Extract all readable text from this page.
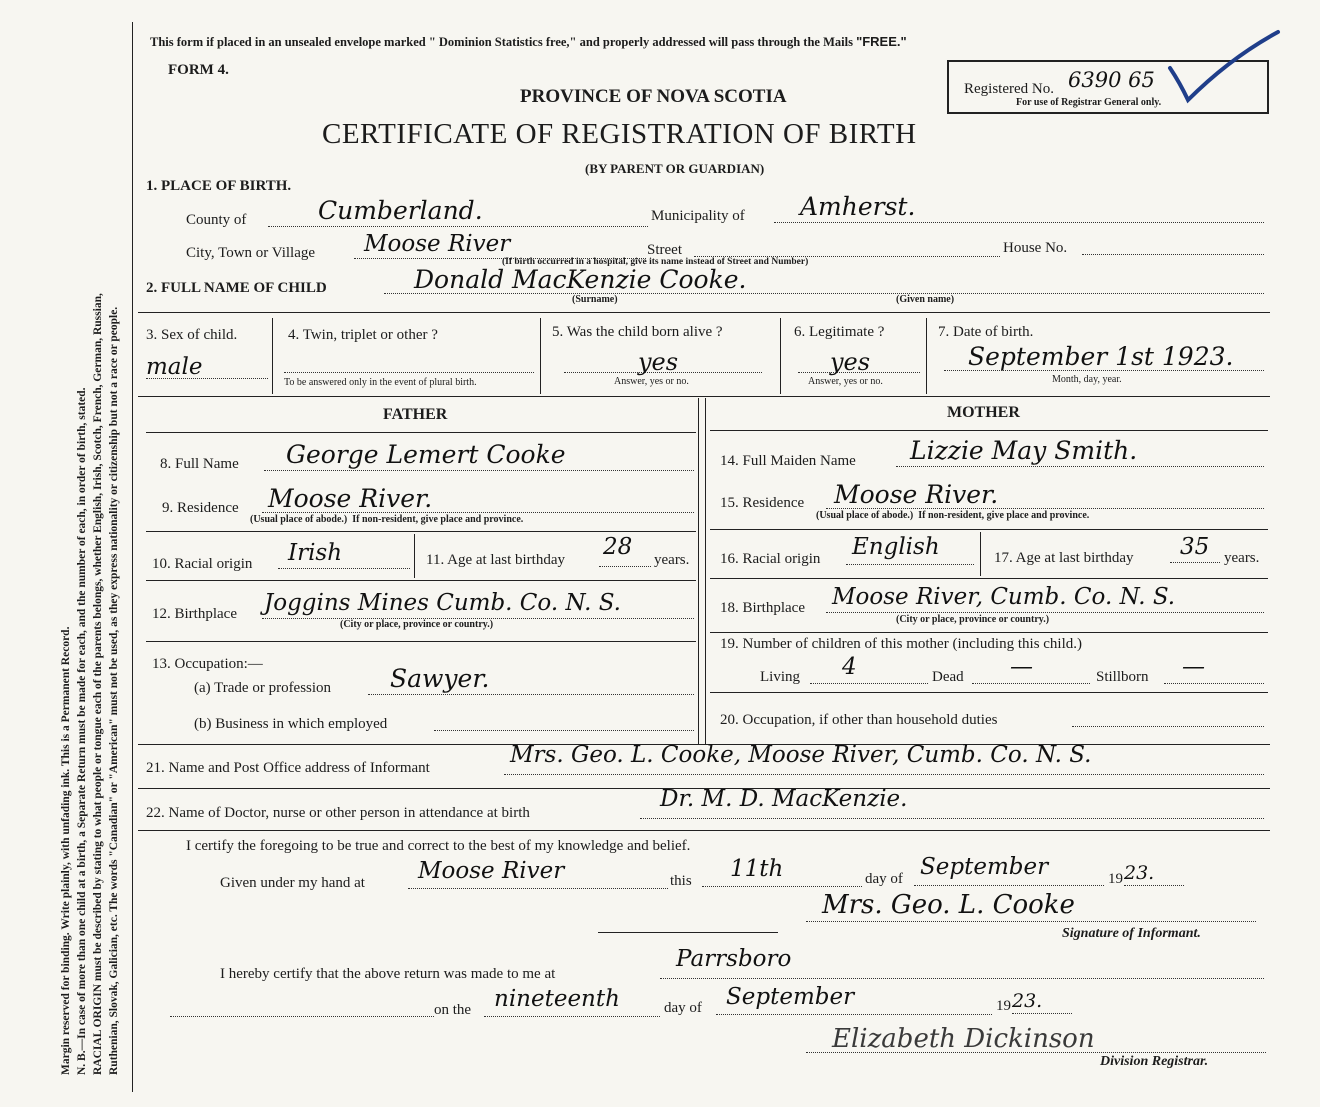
Margin reserved for binding. Write plainly, with unfading ink. This is a Permanent Record. N. B.—In case of more than one child at a birth, a Separate Return must be made for each, and the number of each, in order of birth, stated. RACIAL ORIGIN must be described by stating to what people or tongue each of the parents belongs, whether English, Irish, Scotch, French, German, Russian, Ruthenian, Slovak, Galician, etc. The words "Canadian" or "American" must not be used, as they express nationality or citizenship but not a race or people.
This form if placed in an unsealed envelope marked " Dominion Statistics free," and properly addressed will pass through the Mails "FREE."
FORM 4.
PROVINCE OF NOVA SCOTIA
CERTIFICATE OF REGISTRATION OF BIRTH
(BY PARENT OR GUARDIAN)
Registered No. 6390 65
For use of Registrar General only.
1. PLACE OF BIRTH.
County of	Cumberland.	Municipality of Amherst.
City, Town or Village Moose River	Street	House No.
(If birth occurred in a hospital, give its name instead of Street and Number)
2. FULL NAME OF CHILD	Donald MacKenzie Cooke.
(Surname)	(Given name)
3. Sex of child.
male
4. Twin, triplet or other ?
To be answered only in the event of plural birth.
5. Was the child born alive ?
yes
Answer, yes or no.
6. Legitimate ?
yes
Answer, yes or no.
7. Date of birth.
September 1st 1923.
Month, day, year.
FATHER
8. Full Name George Lemert Cooke
9. Residence Moose River.
(Usual place of abode.) If non-resident, give place and province.
10. Racial origin Irish	11. Age at last birthday 28 years.
12. Birthplace Joggins Mines Cumb. Co. N. S.
(City or place, province or country.)
13. Occupation:—
(a) Trade or profession Sawyer.
(b) Business in which employed
MOTHER
14. Full Maiden Name Lizzie May Smith.
15. Residence Moose River.
(Usual place of abode.) If non-resident, give place and province.
16. Racial origin English	17. Age at last birthday 35 years.
18. Birthplace Moose River, Cumb. Co. N. S.
(City or place, province or country.)
19. Number of children of this mother (including this child.)
Living 4	Dead —	Stillborn —
20. Occupation, if other than household duties
21. Name and Post Office address of Informant	Mrs. Geo. L. Cooke, Moose River, Cumb. Co. N. S.
22. Name of Doctor, nurse or other person in attendance at birth
Dr. M. D. MacKenzie.
I certify the foregoing to be true and correct to the best of my knowledge and belief.
Given under my hand at Moose River	this 11th	day of September	19 23.
Mrs. Geo. L. Cooke
Signature of Informant.
I hereby certify that the above return was made to me at
Parrsboro
on the nineteenth	day of September	19 23.
Elizabeth Dickinson
Division Registrar.
